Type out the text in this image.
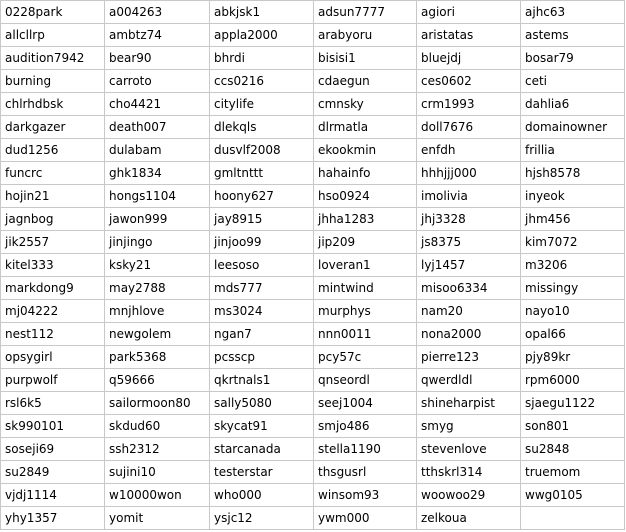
0228park	a004263	abkjsk1	adsun7777	agiori	ajhc63
allcllrp	ambtz74	appla2000	arabyoru	aristatas	astems
audition7942	bear90	bhrdi	bisisi1	bluejdj	bosar79
burning	carroto	ccs0216	cdaegun	ces0602	ceti
chlrhdbsk	cho4421	citylife	cmnsky	crm1993	dahlia6
darkgazer	death007	dlekqls	dlrmatla	doll7676	domainowner
dud1256	dulabam	dusvlf2008	ekookmin	enfdh	frillia
funcrc	ghk1834	gmltnttt	hahainfo	hhhjjj000	hjsh8578
hojin21	hongs1104	hoony627	hso0924	imolivia	inyeok
jagnbog	jawon999	jay8915	jhha1283	jhj3328	jhm456
jik2557	jinjingo	jinjoo99	jip209	js8375	kim7072
kitel333	ksky21	leesoso	loveran1	lyj1457	m3206
markdong9	may2788	mds777	mintwind	misoo6334	missingy
mj04222	mnjhlove	ms3024	murphys	nam20	nayo10
nest112	newgolem	ngan7	nnn0011	nona2000	opal66
opsygirl	park5368	pcsscp	pcy57c	pierre123	pjy89kr
purpwolf	q59666	qkrtnals1	qnseordl	qwerdldl	rpm6000
rsl6k5	sailormoon80	sally5080	seej1004	shineharpist	sjaegu1122
sk990101	skdud60	skycat91	smjo486	smyg	son801
soseji69	ssh2312	starcanada	stella1190	stevenlove	su2848
su2849	sujini10	testerstar	thsgusrl	tthskrl314	truemom
vjdj1114	w10000won	who000	winsom93	woowoo29	wwg0105
yhy1357	yomit	ysjc12	ywm000	zelkoua	
